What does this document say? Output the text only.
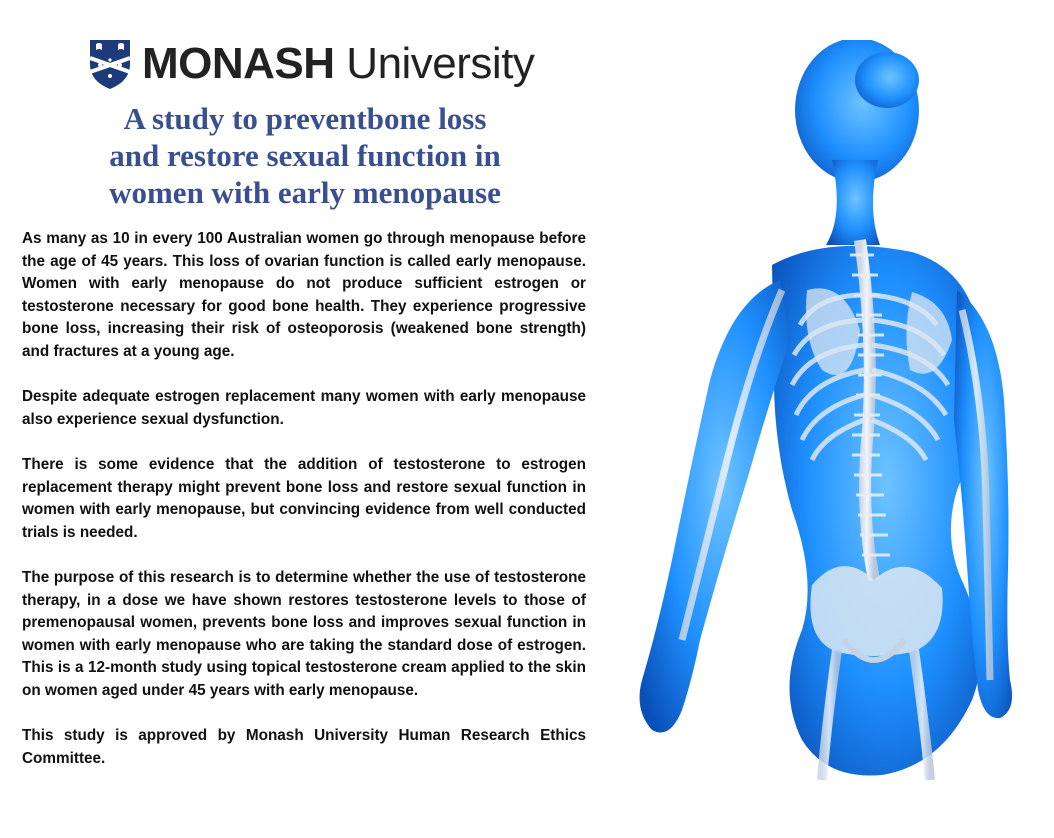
MONASH University
A study to preventbone loss
and restore sexual function in
women with early menopause

As many as 10 in every 100 Australian women go through menopause before the age of 45 years. This loss of ovarian function is called early menopause. Women with early menopause do not produce sufficient estrogen or testosterone necessary for good bone health. They experience progressive bone loss, increasing their risk of osteoporosis (weakened bone strength) and fractures at a young age.

Despite adequate estrogen replacement many women with early menopause also experience sexual dysfunction.

There is some evidence that the addition of testosterone to estrogen replacement therapy might prevent bone loss and restore sexual function in women with early menopause, but convincing evidence from well conducted trials is needed.

The purpose of this research is to determine whether the use of testosterone therapy, in a dose we have shown restores testosterone levels to those of premenopausal women, prevents bone loss and improves sexual function in women with early menopause who are taking the standard dose of estrogen. This is a 12-month study using topical testosterone cream applied to the skin on women aged under 45 years with early menopause.

This study is approved by Monash University Human Research Ethics Committee.
